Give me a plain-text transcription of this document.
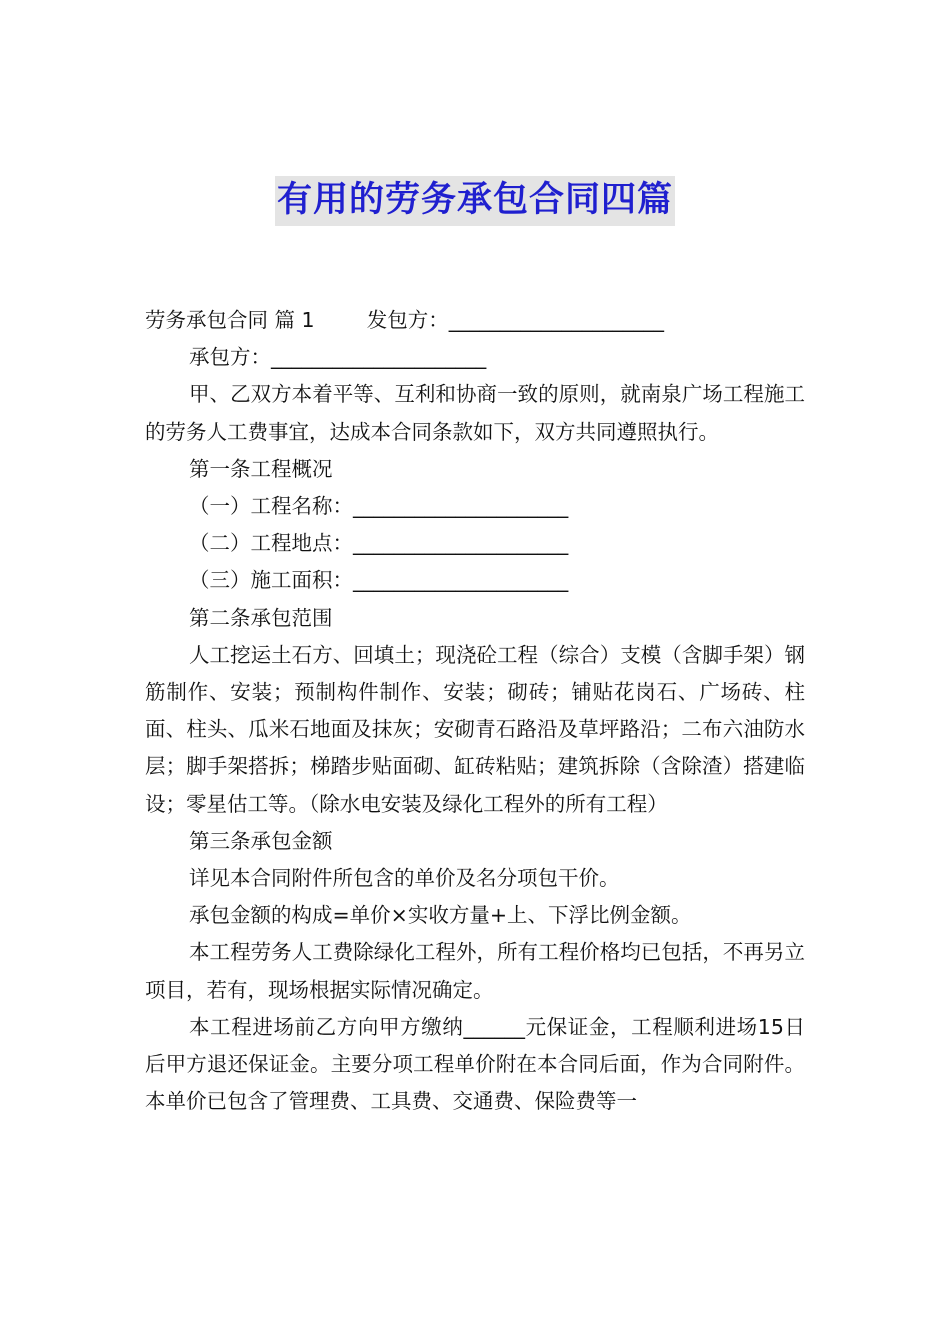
有用的劳务承包合同四篇

劳务承包合同 篇 1        发包方：_____________________

承包方：_____________________

甲、乙双方本着平等、互利和协商一致的原则，就南泉广场工程施工的劳务人工费事宜，达成本合同条款如下，双方共同遵照执行。

第一条工程概况

（一）工程名称：_____________________

（二）工程地点：_____________________

（三）施工面积：_____________________

第二条承包范围

人工挖运土石方、回填土；现浇砼工程（综合）支模（含脚手架）钢筋制作、安装；预制构件制作、安装；砌砖；铺贴花岗石、广场砖、柱面、柱头、瓜米石地面及抹灰；安砌青石路沿及草坪路沿；二布六油防水层；脚手架搭拆；梯踏步贴面砌、缸砖粘贴；建筑拆除（含除渣）搭建临设；零星估工等。（除水电安装及绿化工程外的所有工程）

第三条承包金额

详见本合同附件所包含的单价及名分项包干价。

承包金额的构成=单价×实收方量+上、下浮比例金额。

本工程劳务人工费除绿化工程外，所有工程价格均已包括，不再另立项目，若有，现场根据实际情况确定。

本工程进场前乙方向甲方缴纳______元保证金，工程顺利进场15日后甲方退还保证金。主要分项工程单价附在本合同后面，作为合同附件。本单价已包含了管理费、工具费、交通费、保险费等一
